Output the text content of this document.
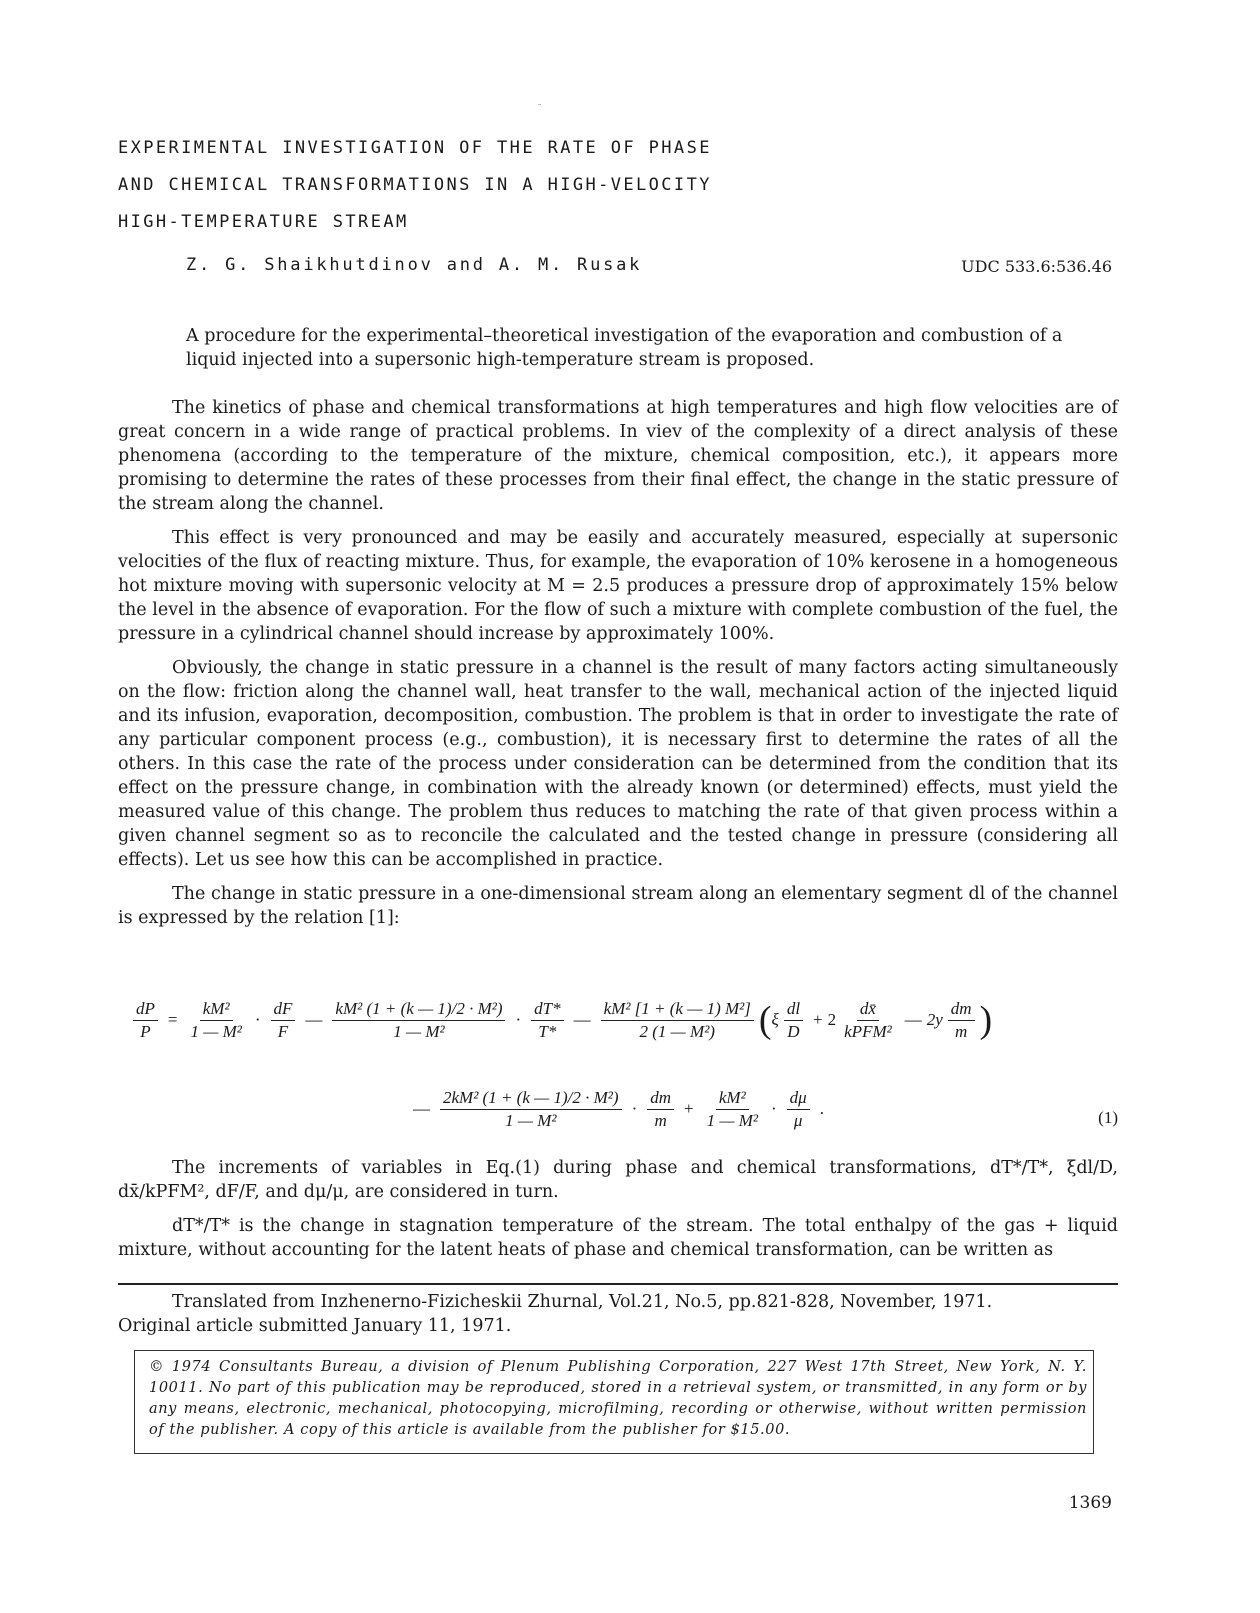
EXPERIMENTAL INVESTIGATION OF THE RATE OF PHASE
AND CHEMICAL TRANSFORMATIONS IN A HIGH-VELOCITY
HIGH-TEMPERATURE STREAM
Z. G. Shaikhutdinov and A. M. Rusak	UDC 533.6:536.46
A procedure for the experimental–theoretical investigation of the evaporation and combustion of a liquid injected into a supersonic high-temperature stream is proposed.

The kinetics of phase and chemical transformations at high temperatures and high flow velocities are of great concern in a wide range of practical problems. In viev of the complexity of a direct analysis of these phenomena (according to the temperature of the mixture, chemical composition, etc.), it appears more promising to determine the rates of these processes from their final effect, the change in the static pressure of the stream along the channel.

This effect is very pronounced and may be easily and accurately measured, especially at supersonic velocities of the flux of reacting mixture. Thus, for example, the evaporation of 10% kerosene in a homogeneous hot mixture moving with supersonic velocity at M = 2.5 produces a pressure drop of approximately 15% below the level in the absence of evaporation. For the flow of such a mixture with complete combustion of the fuel, the pressure in a cylindrical channel should increase by approximately 100%.

Obviously, the change in static pressure in a channel is the result of many factors acting simultaneously on the flow: friction along the channel wall, heat transfer to the wall, mechanical action of the injected liquid and its infusion, evaporation, decomposition, combustion. The problem is that in order to investigate the rate of any particular component process (e.g., combustion), it is necessary first to determine the rates of all the others. In this case the rate of the process under consideration can be determined from the condition that its effect on the pressure change, in combination with the already known (or determined) effects, must yield the measured value of this change. The problem thus reduces to matching the rate of that given process within a given channel segment so as to reconcile the calculated and the tested change in pressure (considering all effects). Let us see how this can be accomplished in practice.

The change in static pressure in a one-dimensional stream along an elementary segment dl of the channel is expressed by the relation [1]:

$\frac{dP}{P} = \frac{\text{kM²}}{\text{1 — M²}} \cdot \frac{dF}{F}$ — $\frac{\text{kM² (1 + (k — 1)/2 · M²)}}{\text{1 — M²}} \cdot \frac{dT*}{T*}$ — $\frac{\text{kM² [1 + (k — 1) M²]}}{\text{2 (1 — M²)}}$ ( ξ $\frac{dl}{D} + 2 \frac{dx̄}{\text{kPFM²}}$ — $2y \frac{dm}{m}$ )
— $\frac{\text{2kM² (1 + (k — 1)/2 · M²)}}{\text{1 — M²}} \cdot \frac{dm}{m} + \frac{\text{kM²}}{\text{1 — M²}} \cdot \frac{d\mu}{\mu}$ .	(1)

The increments of variables in Eq.(1) during phase and chemical transformations, dT*/T*, ξdl/D, dx̄/kPFM², dF/F, and dμ/μ, are considered in turn.

dT*/T* is the change in stagnation temperature of the stream. The total enthalpy of the gas + liquid mixture, without accounting for the latent heats of phase and chemical transformation, can be written as

Translated from Inzhenerno-Fizicheskii Zhurnal, Vol.21, No.5, pp.821-828, November, 1971.
Original article submitted January 11, 1971.
© 1974 Consultants Bureau, a division of Plenum Publishing Corporation, 227 West 17th Street, New York, N. Y. 10011. No part of this publication may be reproduced, stored in a retrieval system, or transmitted, in any form or by any means, electronic, mechanical, photocopying, microfilming, recording or otherwise, without written permission of the publisher. A copy of this article is available from the publisher for $15.00.
1369
